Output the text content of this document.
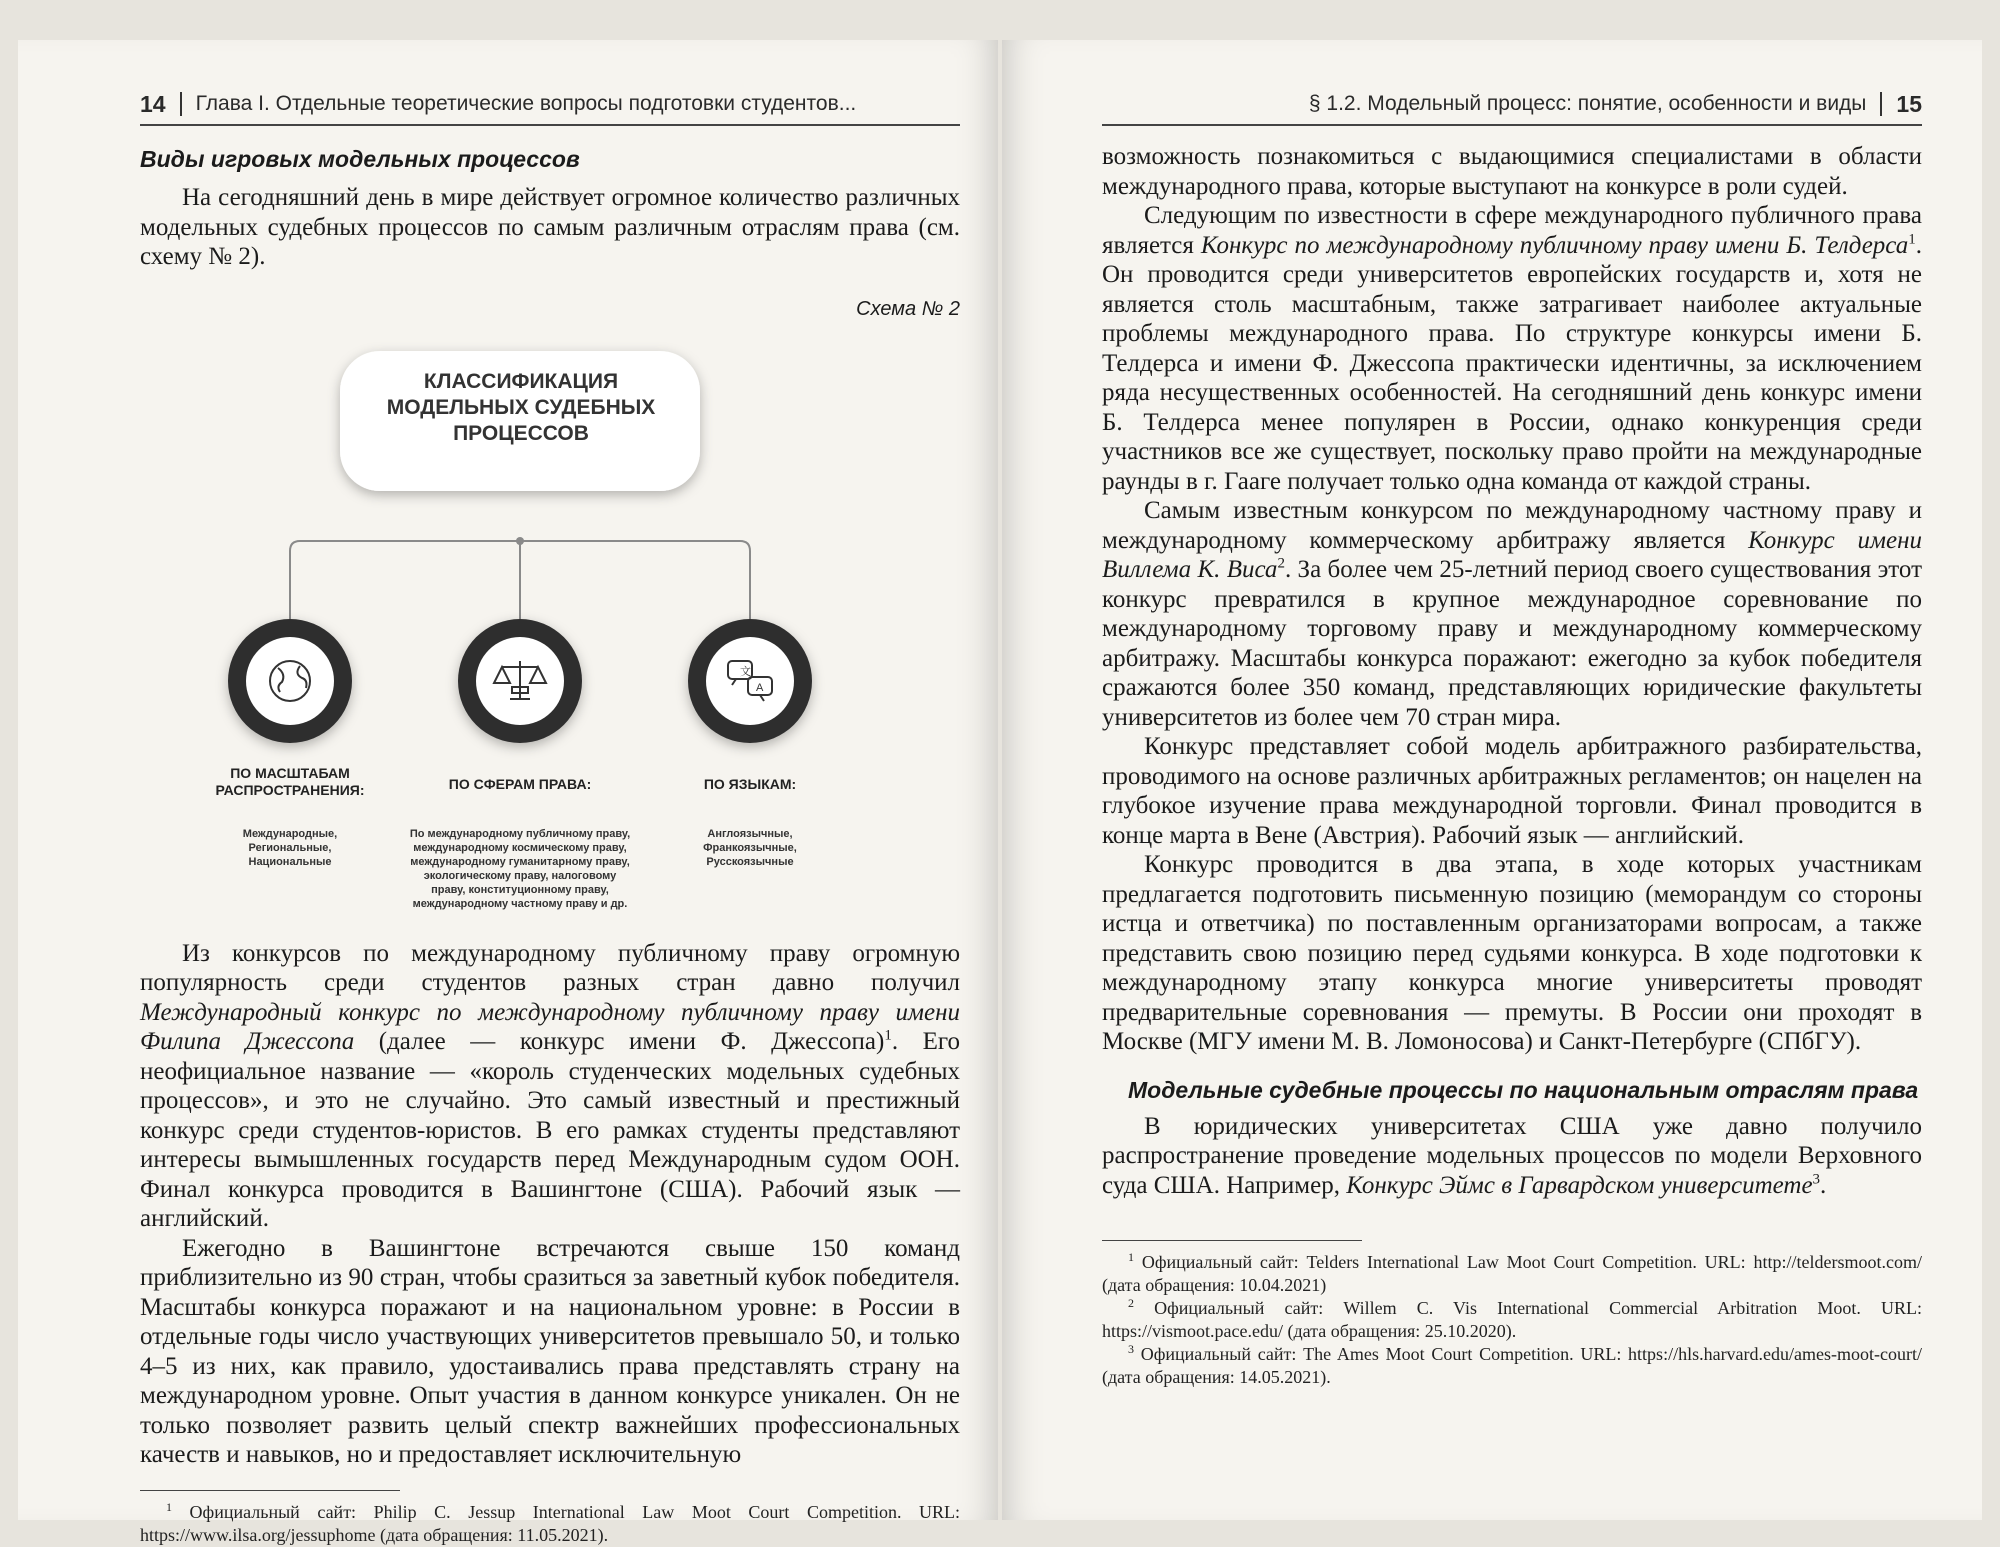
14 Глава I. Отдельные теоретические вопросы подготовки студентов...
Виды игровых модельных процессов

На сегодняшний день в мире действует огромное количество различных модельных судебных процессов по самым различным отраслям права (см. схему № 2).

Схема № 2
文
A
КЛАССИФИКАЦИЯ
МОДЕЛЬНЫХ СУДЕБНЫХ
ПРОЦЕССОВ
ПО МАСШТАБАМ
РАСПРОСТРАНЕНИЯ:	ПО СФЕРАМ ПРАВА:	ПО ЯЗЫКАМ:
Международные,
Региональные,
Национальные
По международному публичному праву,
международному космическому праву,
международному гуманитарному праву,
экологическому праву, налоговому
праву, конституционному праву,
международному частному праву и др.
Англоязычные,
Франкоязычные,
Русскоязычные

Из конкурсов по международному публичному праву огромную популярность среди студентов разных стран давно получил Международный конкурс по международному публичному праву имени Филипа Джессопа (далее — конкурс имени Ф. Джессопа)$^1$. Его неофициальное название — «король студенческих модельных судебных процессов», и это не случайно. Это самый известный и престижный конкурс среди студентов-юристов. В его рамках студенты представляют интересы вымышленных государств перед Международным судом ООН. Финал конкурса проводится в Вашингтоне (США). Рабочий язык — английский.

Ежегодно в Вашингтоне встречаются свыше 150 команд приблизительно из 90 стран, чтобы сразиться за заветный кубок победителя. Масштабы конкурса поражают и на национальном уровне: в России в отдельные годы число участвующих университетов превышало 50, и только 4–5 из них, как правило, удостаивались права представлять страну на международном уровне. Опыт участия в данном конкурсе уникален. Он не только позволяет развить целый спектр важнейших профессиональных качеств и навыков, но и предоставляет исключительную

$^1$ Официальный сайт: Philip C. Jessup International Law Moot Court Competition. URL: https://www.ilsa.org/jessuphome (дата обращения: 11.05.2021).

§ 1.2. Модельный процесс: понятие, особенности и виды 15

возможность познакомиться с выдающимися специалистами в области международного права, которые выступают на конкурсе в роли судей.

Следующим по известности в сфере международного публичного права является Конкурс по международному публичному праву имени Б. Телдерса$^1$. Он проводится среди университетов европейских государств и, хотя не является столь масштабным, также затрагивает наиболее актуальные проблемы международного права. По структуре конкурсы имени Б. Телдерса и имени Ф. Джессопа практически идентичны, за исключением ряда несущественных особенностей. На сегодняшний день конкурс имени Б. Телдерса менее популярен в России, однако конкуренция среди участников все же существует, поскольку право пройти на международные раунды в г. Гааге получает только одна команда от каждой страны.

Самым известным конкурсом по международному частному праву и международному коммерческому арбитражу является Конкурс имени Виллема К. Виса$^2$. За более чем 25-летний период своего существования этот конкурс превратился в крупное международное соревнование по международному торговому праву и международному коммерческому арбитражу. Масштабы конкурса поражают: ежегодно за кубок победителя сражаются более 350 команд, представляющих юридические факультеты университетов из более чем 70 стран мира.

Конкурс представляет собой модель арбитражного разбирательства, проводимого на основе различных арбитражных регламентов; он нацелен на глубокое изучение права международной торговли. Финал проводится в конце марта в Вене (Австрия). Рабочий язык — английский.

Конкурс проводится в два этапа, в ходе которых участникам предлагается подготовить письменную позицию (меморандум со стороны истца и ответчика) по поставленным организаторами вопросам, а также представить свою позицию перед судьями конкурса. В ходе подготовки к международному этапу конкурса многие университеты проводят предварительные соревнования — премуты. В России они проходят в Москве (МГУ имени М. В. Ломоносова) и Санкт-Петербурге (СПбГУ).

Модельные судебные процессы по национальным отраслям права

В юридических университетах США уже давно получило распространение проведение модельных процессов по модели Верховного суда США. Например, Конкурс Эймс в Гарвардском университете$^3$.

$^1$ Официальный сайт: Telders International Law Moot Court Competition. URL: http://teldersmoot.com/ (дата обращения: 10.04.2021)

$^2$ Официальный сайт: Willem C. Vis International Commercial Arbitration Moot. URL: https://vismoot.pace.edu/ (дата обращения: 25.10.2020).

$^3$ Официальный сайт: The Ames Moot Court Competition. URL: https://hls.harvard.edu/ames-moot-court/ (дата обращения: 14.05.2021).
